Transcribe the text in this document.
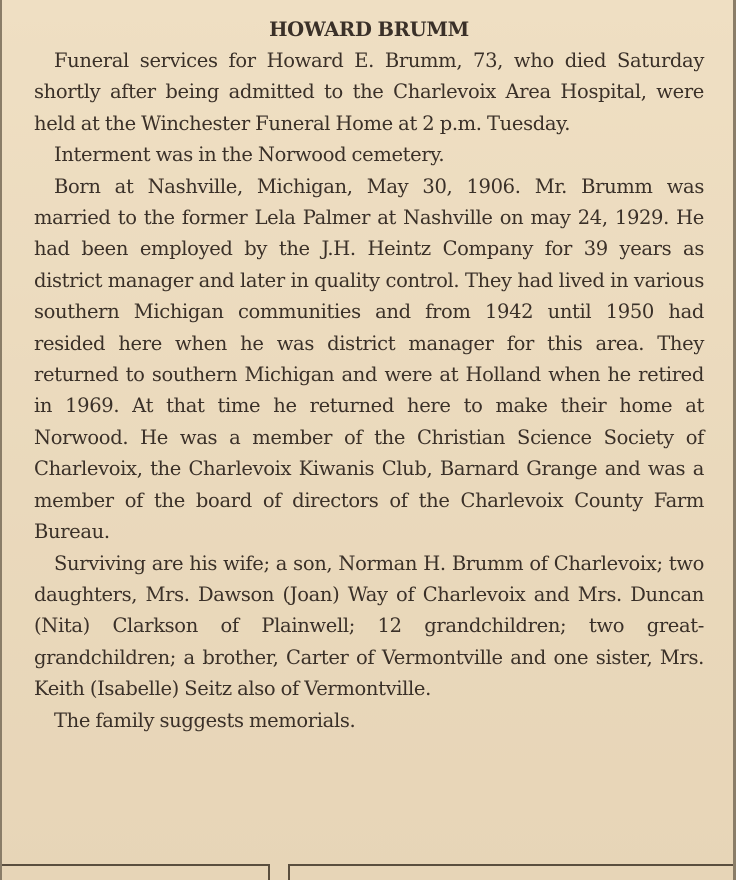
HOWARD BRUMM

Funeral services for Howard E. Brumm, 73, who died Saturday shortly after being admitted to the Charlevoix Area Hospital, were held at the Winchester Funeral Home at 2 p.m. Tuesday.

Interment was in the Norwood cemetery.

Born at Nashville, Michigan, May 30, 1906. Mr. Brumm was married to the former Lela Palmer at Nashville on may 24, 1929. He had been employed by the J.H. Heintz Company for 39 years as district manager and later in quality control. They had lived in various southern Michigan communities and from 1942 until 1950 had resided here when he was district manager for this area. They returned to southern Michigan and were at Holland when he retired in 1969. At that time he returned here to make their home at Norwood. He was a member of the Christian Science Society of Charlevoix, the Charlevoix Kiwanis Club, Barnard Grange and was a member of the board of directors of the Charlevoix County Farm Bureau.

Surviving are his wife; a son, Norman H. Brumm of Charlevoix; two daughters, Mrs. Dawson (Joan) Way of Charlevoix and Mrs. Duncan (Nita) Clarkson of Plainwell; 12 grandchildren; two great-grandchildren; a brother, Carter of Vermontville and one sister, Mrs. Keith (Isabelle) Seitz also of Vermontville.

The family suggests memorials.
